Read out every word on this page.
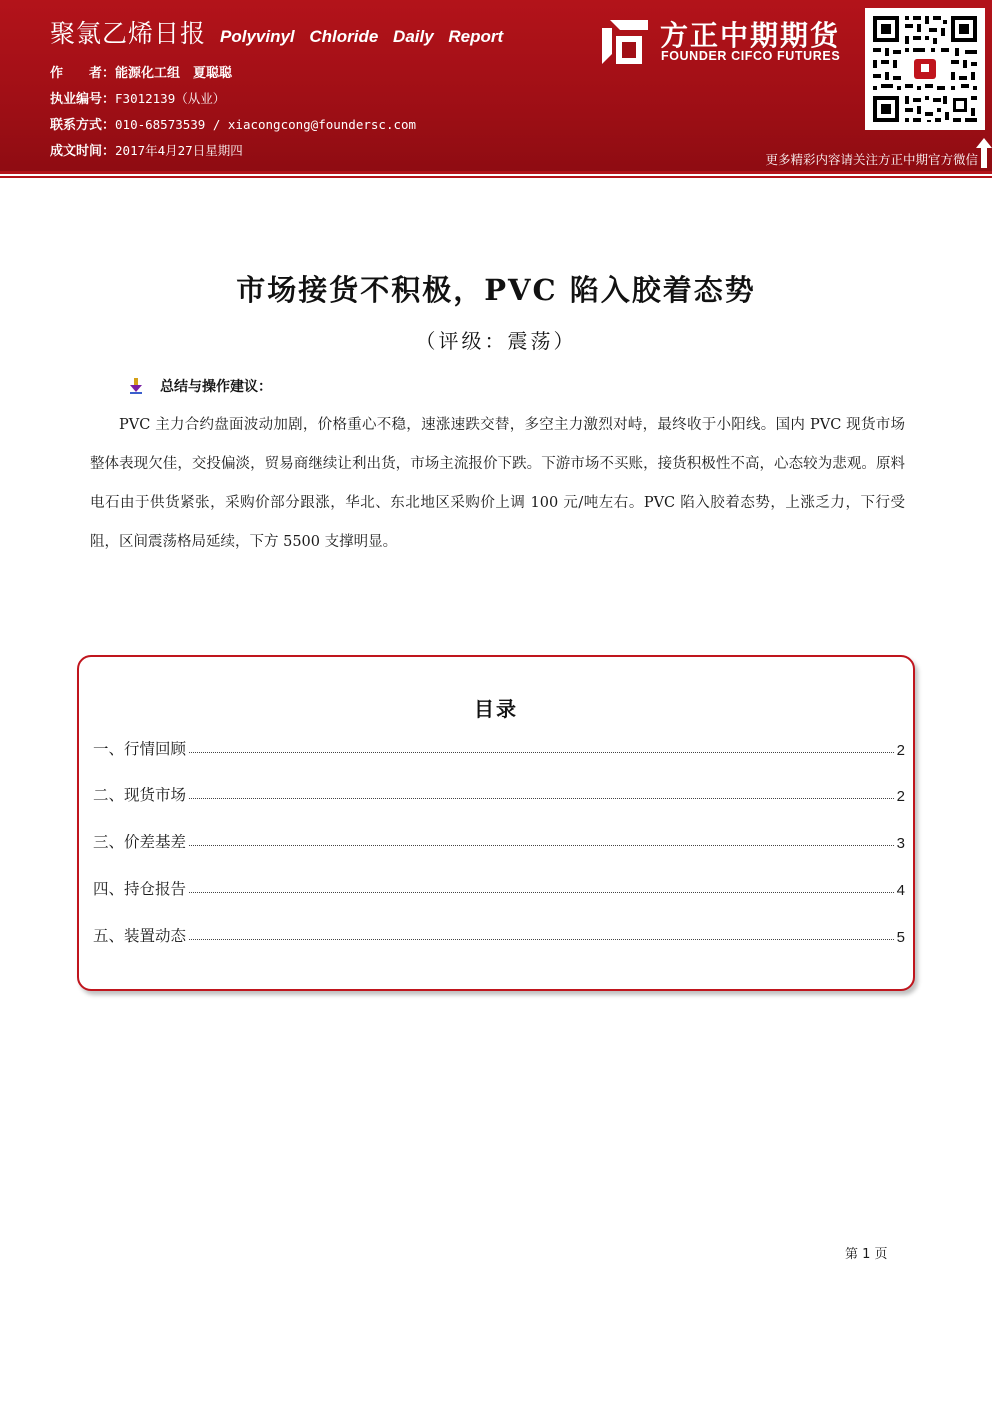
聚氯乙烯日报 Polyvinyl Chloride Daily Report
作　　者：能源化工组　夏聪聪
执业编号：F3012139（从业）
联系方式：010-68573539 / xiacongcong@foundersc.com
成文时间：2017年4月27日星期四
方正中期期货
FOUNDER CIFCO FUTURES
更多精彩内容请关注方正中期官方微信
市场接货不积极，PVC 陷入胶着态势
（评级：震荡）
总结与操作建议：
PVC 主力合约盘面波动加剧，价格重心不稳，速涨速跌交替，多空主力激烈对峙，最终收于小阳线。国内 PVC 现货市场整体表现欠佳，交投偏淡，贸易商继续让利出货，市场主流报价下跌。下游市场不买账，接货积极性不高，心态较为悲观。原料电石由于供货紧张，采购价部分跟涨，华北、东北地区采购价上调 100 元/吨左右。PVC 陷入胶着态势，上涨乏力，下行受阻，区间震荡格局延续，下方 5500 支撑明显。
目录
一、行情回顾	2
二、现货市场	2
三、价差基差	3
四、持仓报告	4
五、装置动态	5
第 1 页
